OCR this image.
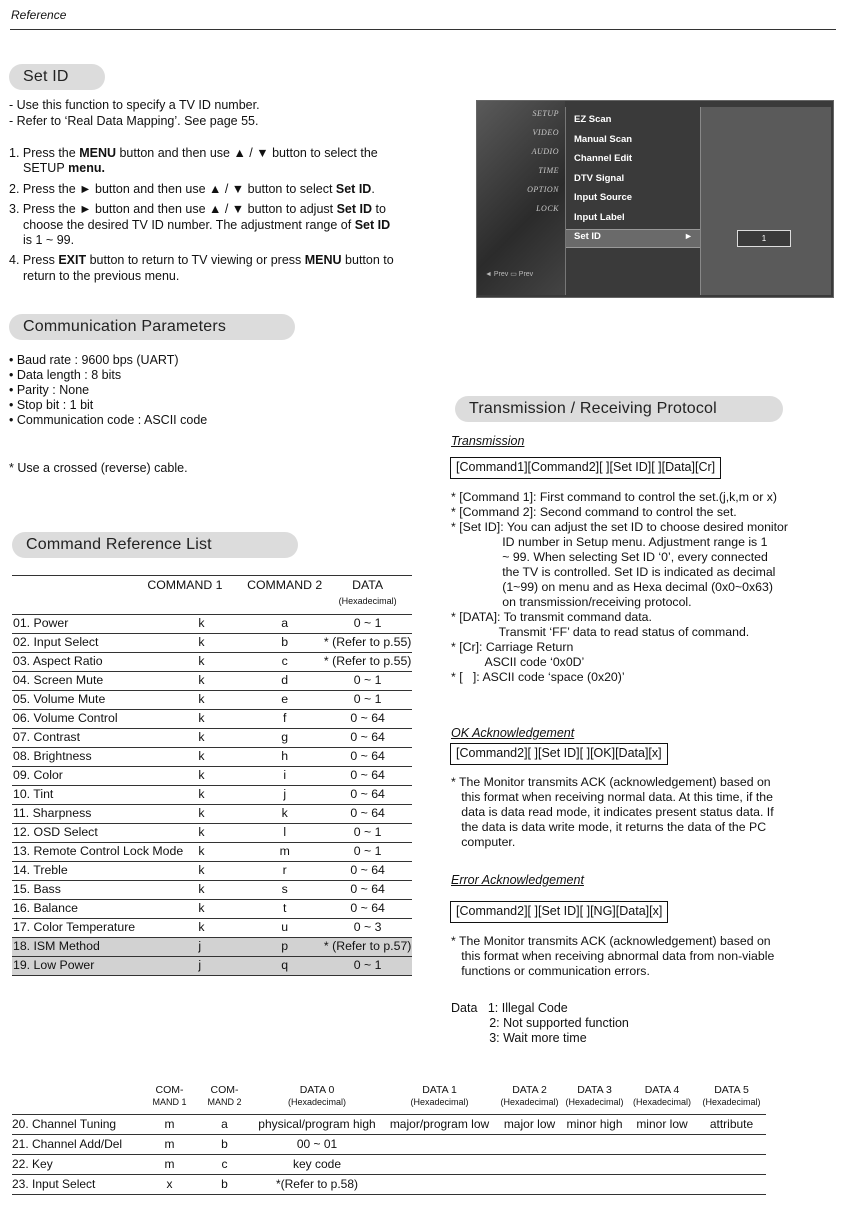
Reference
Set ID
- Use this function to specify a TV ID number.
- Refer to ‘Real Data Mapping’. See page 55.
1. Press the MENU button and then use ▲ / ▼ button to select the
SETUP menu.
2. Press the ► button and then use ▲ / ▼ button to select Set ID.
3. Press the ► button and then use ▲ / ▼ button to adjust Set ID to
choose the desired TV ID number. The adjustment range of Set ID
is 1 ~ 99.
4. Press EXIT button to return to TV viewing or press MENU button to
return to the previous menu.
SETUP
VIDEO
AUDIO
TIME
OPTION
LOCK
EZ Scan
Manual Scan
Channel Edit
DTV Signal
Input Source
Input Label
Set ID	►	1
◄ Prev ▭ Prev
Communication Parameters
• Baud rate : 9600 bps (UART)
• Data length : 8 bits
• Parity : None
• Stop bit : 1 bit
• Communication code : ASCII code
* Use a crossed (reverse) cable.
Command Reference List
	COMMAND 1	COMMAND 2	DATA
(Hexadecimal)
01. Power	k	a	0 ~ 1
02. Input Select	k	b	* (Refer to p.55)
03. Aspect Ratio	k	c	* (Refer to p.55)
04. Screen Mute	k	d	0 ~ 1
05. Volume Mute	k	e	0 ~ 1
06. Volume Control	k	f	0 ~ 64
07. Contrast	k	g	0 ~ 64
08. Brightness	k	h	0 ~ 64
09. Color	k	i	0 ~ 64
10. Tint	k	j	0 ~ 64
11. Sharpness	k	k	0 ~ 64
12. OSD Select	k	l	0 ~ 1
13. Remote Control Lock Mode	k	m	0 ~ 1
14. Treble	k	r	0 ~ 64
15. Bass	k	s	0 ~ 64
16. Balance	k	t	0 ~ 64
17. Color Temperature	k	u	0 ~ 3
18. ISM Method	j	p	* (Refer to p.57)
19. Low Power	j	q	0 ~ 1
Transmission / Receiving Protocol
Transmission
[Command1][Command2][ ][Set ID][ ][Data][Cr]
* [Command 1]: First command to control the set.(j,k,m or x)
* [Command 2]: Second command to control the set.
* [Set ID]: You can adjust the set ID to choose desired monitor
ID number in Setup menu. Adjustment range is 1
~ 99. When selecting Set ID ‘0’, every connected
the TV is controlled. Set ID is indicated as decimal
(1~99) on menu and as Hexa decimal (0x0~0x63)
on transmission/receiving protocol.
* [DATA]: To transmit command data.
Transmit ‘FF’ data to read status of command.
* [Cr]: Carriage Return
ASCII code ‘0x0D’
* [   ]: ASCII code ‘space (0x20)’
OK Acknowledgement
[Command2][ ][Set ID][ ][OK][Data][x]
* The Monitor transmits ACK (acknowledgement) based on
this format when receiving normal data. At this time, if the
data is data read mode, it indicates present status data. If
the data is data write mode, it returns the data of the PC
computer.
Error Acknowledgement
[Command2][ ][Set ID][ ][NG][Data][x]
* The Monitor transmits ACK (acknowledgement) based on
this format when receiving abnormal data from non-viable
functions or communication errors.
Data   1: Illegal Code
2: Not supported function
3: Wait more time

	COM-
MAND 1	COM-
MAND 2	DATA 0
(Hexadecimal)	DATA 1
(Hexadecimal)	DATA 2
(Hexadecimal)	DATA 3
(Hexadecimal)	DATA 4
(Hexadecimal)	DATA 5
(Hexadecimal)
20. Channel Tuning	m	a	physical/program high	major/program low	major low	minor high	minor low	attribute
21. Channel Add/Del	m	b	00 ~ 01					
22. Key	m	c	key code					
23. Input Select	x	b	*(Refer to p.58)					
